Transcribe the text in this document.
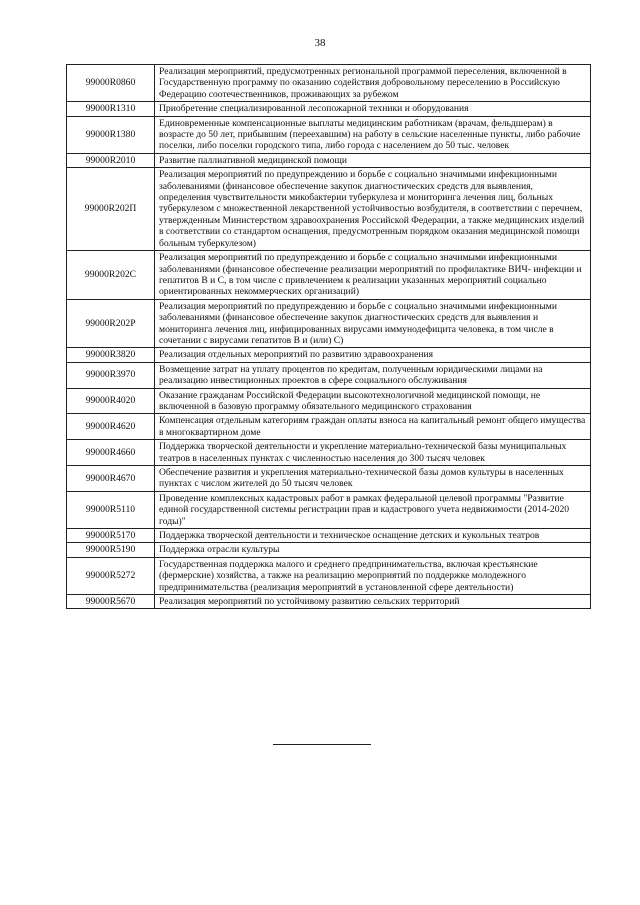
38
99000R0860	Реализация мероприятий, предусмотренных региональной программой переселения, включенной в Государственную программу по оказанию содействия добровольному переселению в Российскую Федерацию соотечественников, проживающих за рубежом
99000R1310	Приобретение специализированной лесопожарной техники и оборудования
99000R1380	Единовременные компенсационные выплаты медицинским работникам (врачам, фельдшерам) в возрасте до 50 лет, прибывшим (переехавшим) на работу в сельские населенные пункты, либо рабочие поселки, либо поселки городского типа, либо города с населением до 50 тыс. человек
99000R2010	Развитие паллиативной медицинской помощи
99000R202П	Реализация мероприятий по предупреждению и борьбе с социально значимыми инфекционными заболеваниями (финансовое обеспечение закупок диагностических средств для выявления, определения чувствительности микобактерии туберкулеза и мониторинга лечения лиц, больных туберкулезом с множественной лекарственной устойчивостью возбудителя, в соответствии с перечнем, утвержденным Министерством здравоохранения Российской Федерации, а также медицинских изделий в соответствии со стандартом оснащения, предусмотренным порядком оказания медицинской помощи больным туберкулезом)
99000R202С	Реализация мероприятий по предупреждению и борьбе с социально значимыми инфекционными заболеваниями (финансовое обеспечение реализации мероприятий по профилактике ВИЧ- инфекции и гепатитов В и С, в том числе с привлечением к реализации указанных мероприятий социально ориентированных некоммерческих организаций)
99000R202Р	Реализация мероприятий по предупреждению и борьбе с социально значимыми инфекционными заболеваниями (финансовое обеспечение закупок диагностических средств для выявления и мониторинга лечения лиц, инфицированных вирусами иммунодефицита человека, в том числе в сочетании с вирусами гепатитов В и (или) С)
99000R3820	Реализация отдельных мероприятий по развитию здравоохранения
99000R3970	Возмещение затрат на уплату процентов по кредитам, полученным юридическими лицами на реализацию инвестиционных проектов в сфере социального обслуживания
99000R4020	Оказание гражданам Российской Федерации высокотехнологичной медицинской помощи, не включенной в базовую программу обязательного медицинского страхования
99000R4620	Компенсация отдельным категориям граждан оплаты взноса на капитальный ремонт общего имущества в многоквартирном доме
99000R4660	Поддержка творческой деятельности и укрепление материально-технической базы муниципальных театров в населенных пунктах с численностью населения до 300 тысяч человек
99000R4670	Обеспечение развития и укрепления материально-технической базы домов культуры в населенных пунктах с числом жителей до 50 тысяч человек
99000R5110	Проведение комплексных кадастровых работ в рамках федеральной целевой программы "Развитие единой государственной системы регистрации прав и кадастрового учета недвижимости (2014-2020 годы)"
99000R5170	Поддержка творческой деятельности и техническое оснащение детских и кукольных театров
99000R5190	Поддержка отрасли культуры
99000R5272	Государственная поддержка малого и среднего предпринимательства, включая крестьянские (фермерские) хозяйства, а также на реализацию мероприятий по поддержке молодежного предпринимательства (реализация мероприятий в установленной сфере деятельности)
99000R5670	Реализация мероприятий по устойчивому развитию сельских территорий
